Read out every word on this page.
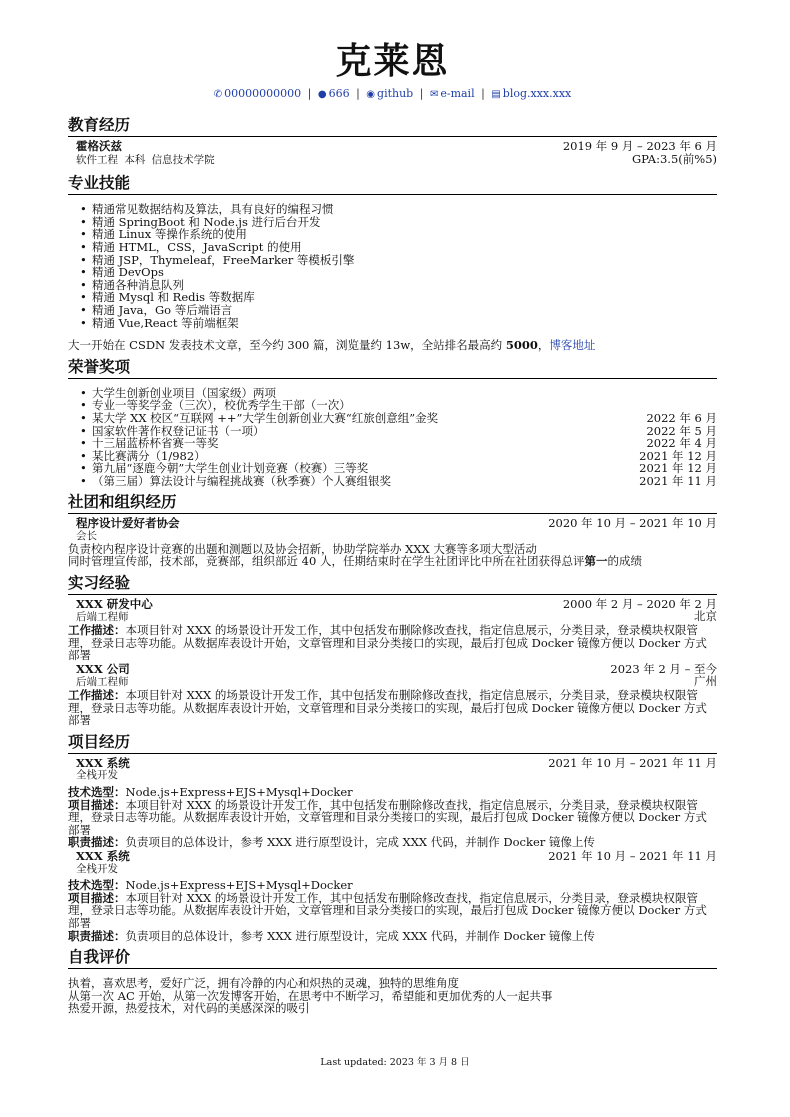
克莱恩
✆ 00000000000 | ● 666 | ◉ github | ✉ e-mail | ▤ blog.xxx.xxx
教育经历
霍格沃兹	2019 年 9 月 – 2023 年 6 月
软件工程 本科 信息技术学院	GPA:3.5(前%5)
专业技能
• 精通常见数据结构及算法，具有良好的编程习惯
• 精通 SpringBoot 和 Node.js 进行后台开发
• 精通 Linux 等操作系统的使用
• 精通 HTML，CSS，JavaScript 的使用
• 精通 JSP，Thymeleaf，FreeMarker 等模板引擎
• 精通 DevOps
• 精通各种消息队列
• 精通 Mysql 和 Redis 等数据库
• 精通 Java，Go 等后端语言
• 精通 Vue,React 等前端框架
大一开始在 CSDN 发表技术文章，至今约 300 篇，浏览量约 13w，全站排名最高约 5000，博客地址
荣誉奖项
• 大学生创新创业项目（国家级）两项
• 专业一等奖学金（三次），校优秀学生干部（一次）
• 某大学 XX 校区“互联网 ++”大学生创新创业大赛“红旅创意组”金奖	2022 年 6 月
• 国家软件著作权登记证书（一项）	2022 年 5 月
• 十三届蓝桥杯省赛一等奖	2022 年 4 月
• 某比赛满分（1/982）	2021 年 12 月
• 第九届“逐鹿今朝”大学生创业计划竞赛（校赛）三等奖	2021 年 12 月
• （第三届）算法设计与编程挑战赛（秋季赛）个人赛组银奖	2021 年 11 月
社团和组织经历
程序设计爱好者协会	2020 年 10 月 – 2021 年 10 月
会长
负责校内程序设计竞赛的出题和测题以及协会招新，协助学院举办 XXX 大赛等多项大型活动
同时管理宣传部，技术部，竞赛部，组织部近 40 人，任期结束时在学生社团评比中所在社团获得总评第一的成绩
实习经验
XXX 研发中心	2000 年 2 月 – 2020 年 2 月
后端工程师	北京
工作描述：本项目针对 XXX 的场景设计开发工作，其中包括发布删除修改查找，指定信息展示，分类目录，登录模块权限管理，登录日志等功能。从数据库表设计开始，文章管理和目录分类接口的实现，最后打包成 Docker 镜像方便以 Docker 方式部署
XXX 公司	2023 年 2 月 – 至今
后端工程师	广州
工作描述：本项目针对 XXX 的场景设计开发工作，其中包括发布删除修改查找，指定信息展示，分类目录，登录模块权限管理，登录日志等功能。从数据库表设计开始，文章管理和目录分类接口的实现，最后打包成 Docker 镜像方便以 Docker 方式部署
项目经历
XXX 系统	2021 年 10 月 – 2021 年 11 月
全栈开发
技术选型：Node.js+Express+EJS+Mysql+Docker
项目描述：本项目针对 XXX 的场景设计开发工作，其中包括发布删除修改查找，指定信息展示，分类目录，登录模块权限管理，登录日志等功能。从数据库表设计开始，文章管理和目录分类接口的实现，最后打包成 Docker 镜像方便以 Docker 方式部署
职责描述：负责项目的总体设计，参考 XXX 进行原型设计，完成 XXX 代码，并制作 Docker 镜像上传
XXX 系统	2021 年 10 月 – 2021 年 11 月
全栈开发
技术选型：Node.js+Express+EJS+Mysql+Docker
项目描述：本项目针对 XXX 的场景设计开发工作，其中包括发布删除修改查找，指定信息展示，分类目录，登录模块权限管理，登录日志等功能。从数据库表设计开始，文章管理和目录分类接口的实现，最后打包成 Docker 镜像方便以 Docker 方式部署
职责描述：负责项目的总体设计，参考 XXX 进行原型设计，完成 XXX 代码，并制作 Docker 镜像上传
自我评价
执着，喜欢思考，爱好广泛，拥有冷静的内心和炽热的灵魂，独特的思维角度
从第一次 AC 开始，从第一次发博客开始，在思考中不断学习，希望能和更加优秀的人一起共事
热爱开源，热爱技术，对代码的美感深深的吸引
Last updated: 2023 年 3 月 8 日
